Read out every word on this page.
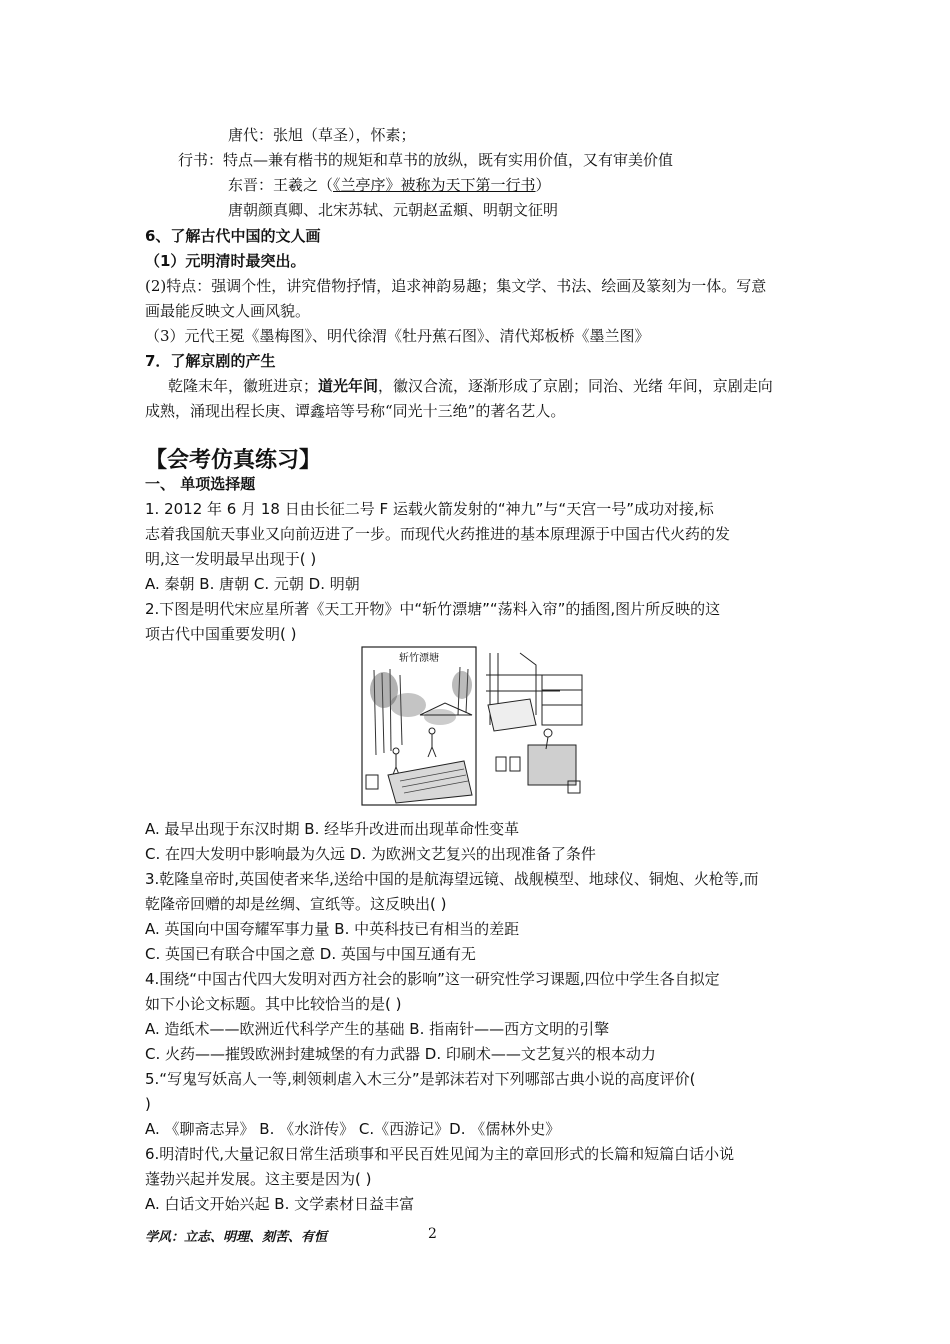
唐代：张旭（草圣），怀素；
行书：特点—兼有楷书的规矩和草书的放纵，既有实用价值，又有审美价值
东晋：王羲之（《兰亭序》被称为天下第一行书）
唐朝颜真卿、北宋苏轼、元朝赵孟頫、明朝文征明
6、了解古代中国的文人画
（1）元明清时最突出。
(2)特点：强调个性，讲究借物抒情，追求神韵易趣；集文学、书法、绘画及篆刻为一体。写意
画最能反映文人画风貌。
（3）元代王冕《墨梅图》、明代徐渭《牡丹蕉石图》、清代郑板桥《墨兰图》
7．了解京剧的产生
乾隆末年，徽班进京；道光年间，徽汉合流，逐渐形成了京剧；同治、光绪 年间，京剧走向
成熟，涌现出程长庚、谭鑫培等号称“同光十三绝”的著名艺人。
【会考仿真练习】
一、 单项选择题
1. 2012 年 6 月 18 日由长征二号 F 运载火箭发射的“神九”与“天宫一号”成功对接,标
志着我国航天事业又向前迈进了一步。而现代火药推进的基本原理源于中国古代火药的发
明,这一发明最早出现于( )
A. 秦朝 B. 唐朝 C. 元朝 D. 明朝
2.下图是明代宋应星所著《天工开物》中“斩竹漂塘”“荡料入帘”的插图,图片所反映的这
项古代中国重要发明( )
斩竹漂塘
A. 最早出现于东汉时期 B. 经毕升改进而出现革命性变革
C. 在四大发明中影响最为久远 D. 为欧洲文艺复兴的出现准备了条件
3.乾隆皇帝时,英国使者来华,送给中国的是航海望远镜、战舰模型、地球仪、铜炮、火枪等,而
乾隆帝回赠的却是丝绸、宣纸等。这反映出( )
A. 英国向中国夸耀军事力量 B. 中英科技已有相当的差距
C. 英国已有联合中国之意 D. 英国与中国互通有无
4.围绕“中国古代四大发明对西方社会的影响”这一研究性学习课题,四位中学生各自拟定
如下小论文标题。其中比较恰当的是( )
A. 造纸术——欧洲近代科学产生的基础 B. 指南针——西方文明的引擎
C. 火药——摧毁欧洲封建城堡的有力武器 D. 印刷术——文艺复兴的根本动力
5.“写鬼写妖高人一等,刺领刺虐入木三分”是郭沫若对下列哪部古典小说的高度评价(
)
A. 《聊斋志异》 B. 《水浒传》 C.《西游记》D. 《儒林外史》
6.明清时代,大量记叙日常生活琐事和平民百姓见闻为主的章回形式的长篇和短篇白话小说
蓬勃兴起并发展。这主要是因为( )
A. 白话文开始兴起 B. 文学素材日益丰富
学风：立志、明理、刻苦、有恒	2
